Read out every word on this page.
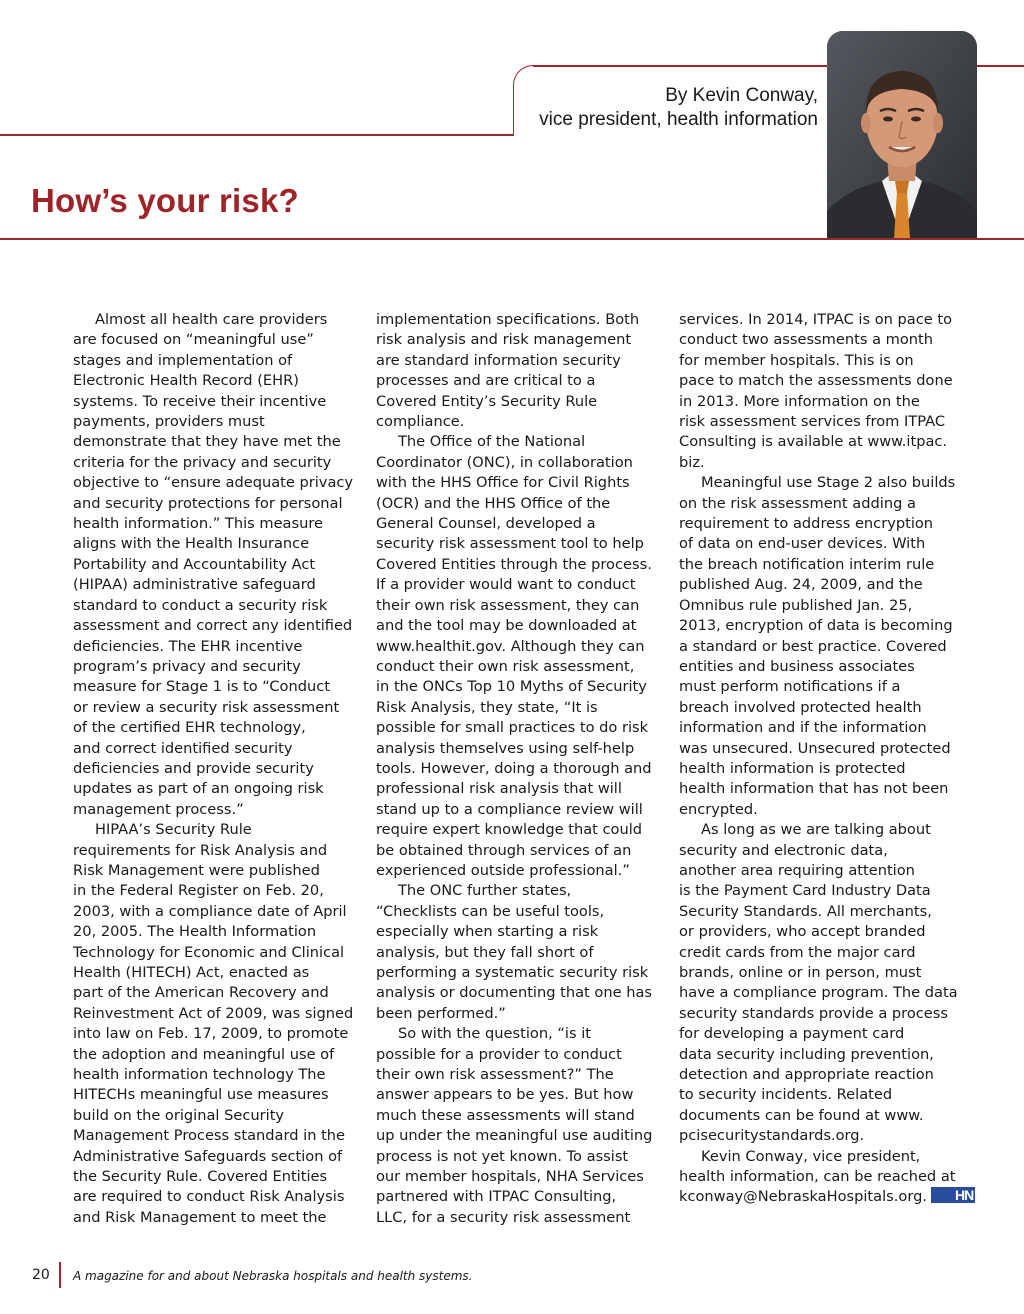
By Kevin Conway,
vice president, health information
How’s your risk?

Almost all health care providers
are focused on “meaningful use”
stages and implementation of
Electronic Health Record (EHR)
systems. To receive their incentive
payments, providers must
demonstrate that they have met the
criteria for the privacy and security
objective to “ensure adequate privacy
and security protections for personal
health information.” This measure
aligns with the Health Insurance
Portability and Accountability Act
(HIPAA) administrative safeguard
standard to conduct a security risk
assessment and correct any identified
deficiencies. The EHR incentive
program’s privacy and security
measure for Stage 1 is to “Conduct
or review a security risk assessment
of the certified EHR technology,
and correct identified security
deficiencies and provide security
updates as part of an ongoing risk
management process.”

HIPAA’s Security Rule
requirements for Risk Analysis and
Risk Management were published
in the Federal Register on Feb. 20,
2003, with a compliance date of April
20, 2005. The Health Information
Technology for Economic and Clinical
Health (HITECH) Act, enacted as
part of the American Recovery and
Reinvestment Act of 2009, was signed
into law on Feb. 17, 2009, to promote
the adoption and meaningful use of
health information technology The
HITECHs meaningful use measures
build on the original Security
Management Process standard in the
Administrative Safeguards section of
the Security Rule. Covered Entities
are required to conduct Risk Analysis
and Risk Management to meet the

implementation specifications. Both
risk analysis and risk management
are standard information security
processes and are critical to a
Covered Entity’s Security Rule
compliance.

The Office of the National
Coordinator (ONC), in collaboration
with the HHS Office for Civil Rights
(OCR) and the HHS Office of the
General Counsel, developed a
security risk assessment tool to help
Covered Entities through the process.
If a provider would want to conduct
their own risk assessment, they can
and the tool may be downloaded at
www.healthit.gov. Although they can
conduct their own risk assessment,
in the ONCs Top 10 Myths of Security
Risk Analysis, they state, “It is
possible for small practices to do risk
analysis themselves using self-help
tools. However, doing a thorough and
professional risk analysis that will
stand up to a compliance review will
require expert knowledge that could
be obtained through services of an
experienced outside professional.”

The ONC further states,
“Checklists can be useful tools,
especially when starting a risk
analysis, but they fall short of
performing a systematic security risk
analysis or documenting that one has
been performed.”

So with the question, “is it
possible for a provider to conduct
their own risk assessment?” The
answer appears to be yes. But how
much these assessments will stand
up under the meaningful use auditing
process is not yet known. To assist
our member hospitals, NHA Services
partnered with ITPAC Consulting,
LLC, for a security risk assessment

services. In 2014, ITPAC is on pace to
conduct two assessments a month
for member hospitals. This is on
pace to match the assessments done
in 2013. More information on the
risk assessment services from ITPAC
Consulting is available at www.itpac.
biz.

Meaningful use Stage 2 also builds
on the risk assessment adding a
requirement to address encryption
of data on end-user devices. With
the breach notification interim rule
published Aug. 24, 2009, and the
Omnibus rule published Jan. 25,
2013, encryption of data is becoming
a standard or best practice. Covered
entities and business associates
must perform notifications if a
breach involved protected health
information and if the information
was unsecured. Unsecured protected
health information is protected
health information that has not been
encrypted.

As long as we are talking about
security and electronic data,
another area requiring attention
is the Payment Card Industry Data
Security Standards. All merchants,
or providers, who accept branded
credit cards from the major card
brands, online or in person, must
have a compliance program. The data
security standards provide a process
for developing a payment card
data security including prevention,
detection and appropriate reaction
to security incidents. Related
documents can be found at www.
pcisecuritystandards.org.

Kevin Conway, vice president,
health information, can be reached at
kconway@NebraskaHospitals.org. HN

20 A magazine for and about Nebraska hospitals and health systems.
